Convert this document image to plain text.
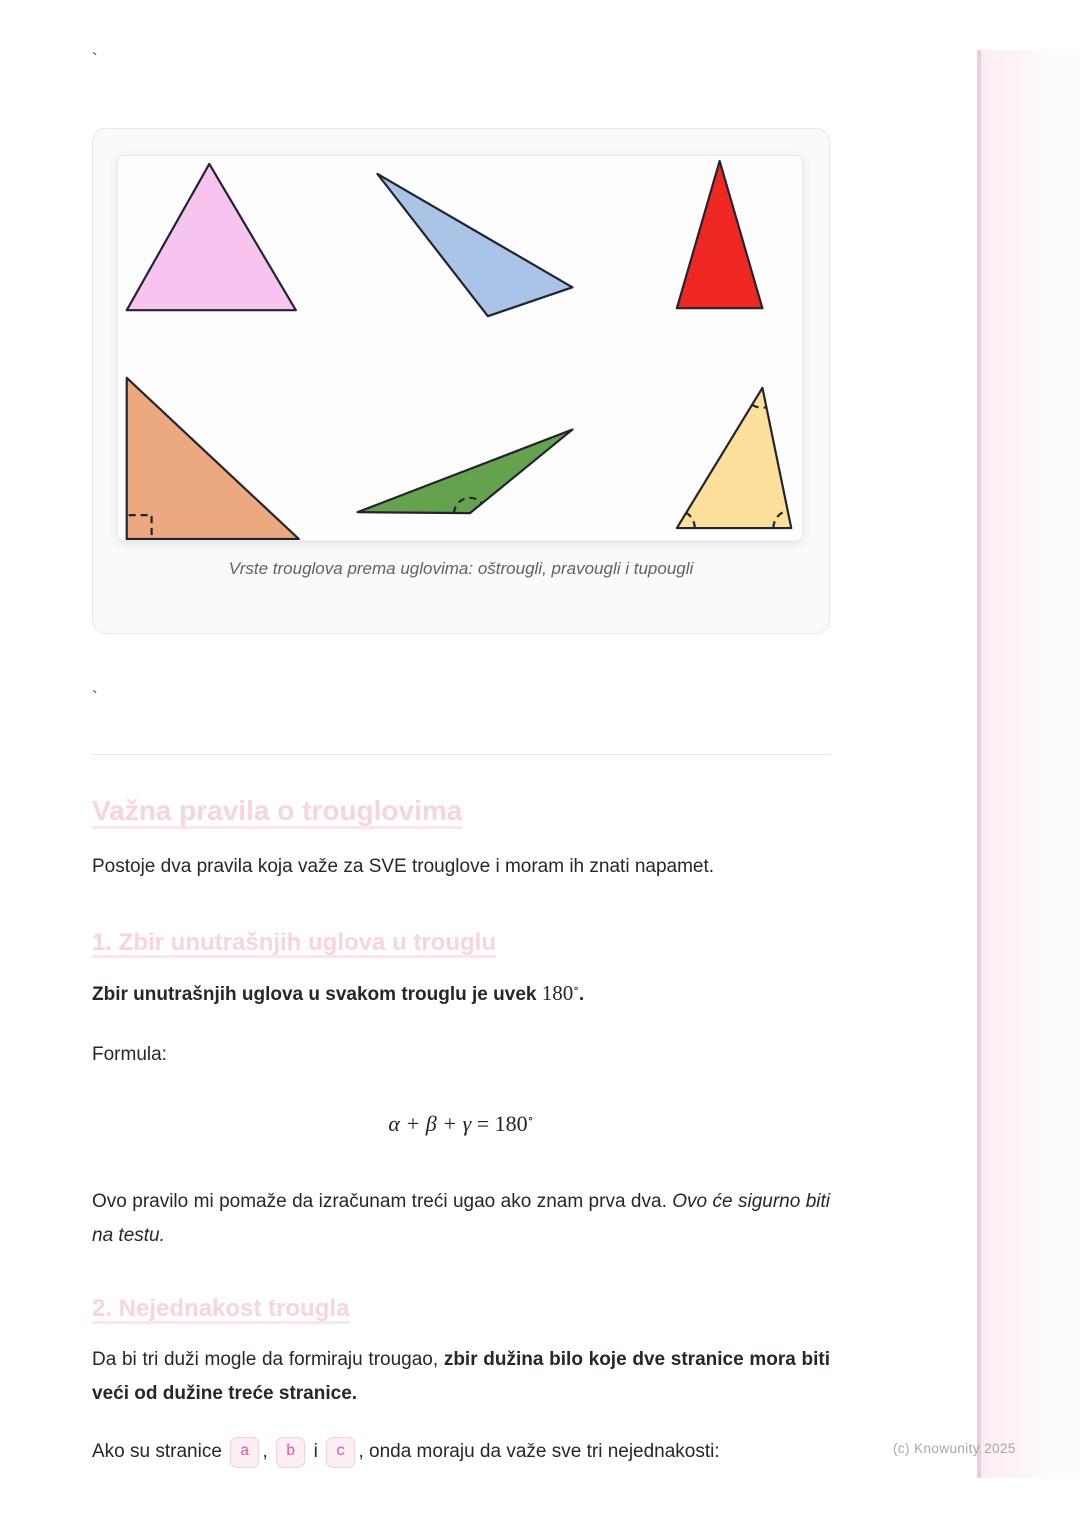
`
`
(c) Knowunity 2025
Vrste trouglova prema uglovima: oštrougli, pravougli i tupougli
Važna pravila o trouglovima

Postoje dva pravila koja važe za SVE trouglove i moram ih znati napamet.

1. Zbir unutrašnjih uglova u trouglu

Zbir unutrašnjih uglova u svakom trouglu je uvek 180∘.

Formula:

α + β + γ = 180∘

Ovo pravilo mi pomaže da izračunam treći ugao ako znam prva dva. Ovo će sigurno biti na testu.

2. Nejednakost trougla

Da bi tri duži mogle da formiraju trougao, zbir dužina bilo koje dve stranice mora biti veći od dužine treće stranice.

Ako su stranice a , b i c , onda moraju da važe sve tri nejednakosti:
